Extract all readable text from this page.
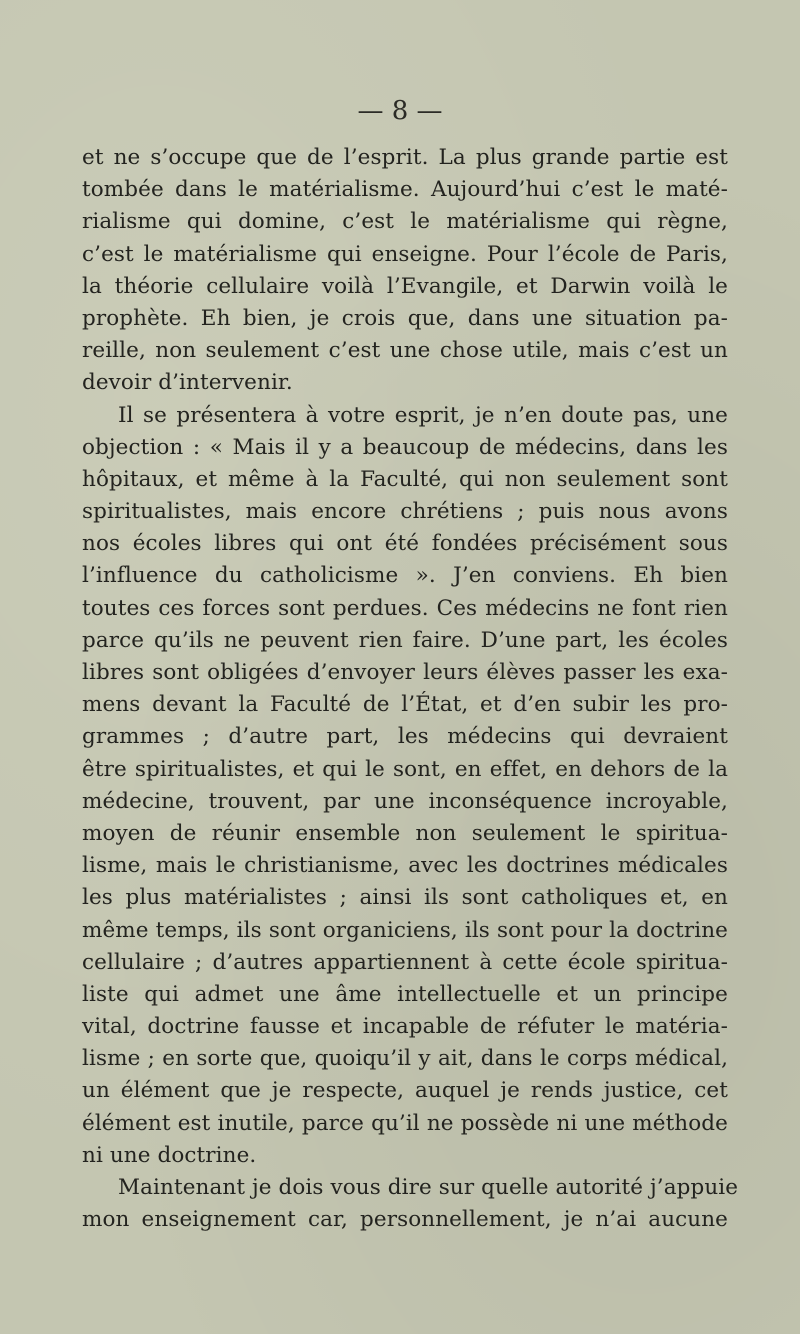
— 8 —
et ne s’occupe que de l’esprit. La plus grande partie est
tombée dans le matérialisme. Aujourd’hui c’est le maté-
rialisme qui domine, c’est le matérialisme qui règne,
c’est le matérialisme qui enseigne. Pour l’école de Paris,
la théorie cellulaire voilà l’Evangile, et Darwin voilà le
prophète. Eh bien, je crois que, dans une situation pa-
reille, non seulement c’est une chose utile, mais c’est un
devoir d’intervenir.
Il se présentera à votre esprit, je n’en doute pas, une
objection : « Mais il y a beaucoup de médecins, dans les
hôpitaux, et même à la Faculté, qui non seulement sont
spiritualistes, mais encore chrétiens ; puis nous avons
nos écoles libres qui ont été fondées précisément sous
l’influence du catholicisme ». J’en conviens. Eh bien
toutes ces forces sont perdues. Ces médecins ne font rien
parce qu’ils ne peuvent rien faire. D’une part, les écoles
libres sont obligées d’envoyer leurs élèves passer les exa-
mens devant la Faculté de l’État, et d’en subir les pro-
grammes ; d’autre part, les médecins qui devraient
être spiritualistes, et qui le sont, en effet, en dehors de la
médecine, trouvent, par une inconséquence incroyable,
moyen de réunir ensemble non seulement le spiritua-
lisme, mais le christianisme, avec les doctrines médicales
les plus matérialistes ; ainsi ils sont catholiques et, en
même temps, ils sont organiciens, ils sont pour la doctrine
cellulaire ; d’autres appartiennent à cette école spiritua-
liste qui admet une âme intellectuelle et un principe
vital, doctrine fausse et incapable de réfuter le matéria-
lisme ; en sorte que, quoiqu’il y ait, dans le corps médical,
un élément que je respecte, auquel je rends justice, cet
élément est inutile, parce qu’il ne possède ni une méthode
ni une doctrine.
Maintenant je dois vous dire sur quelle autorité j’appuie
mon enseignement car, personnellement, je n’ai aucune
